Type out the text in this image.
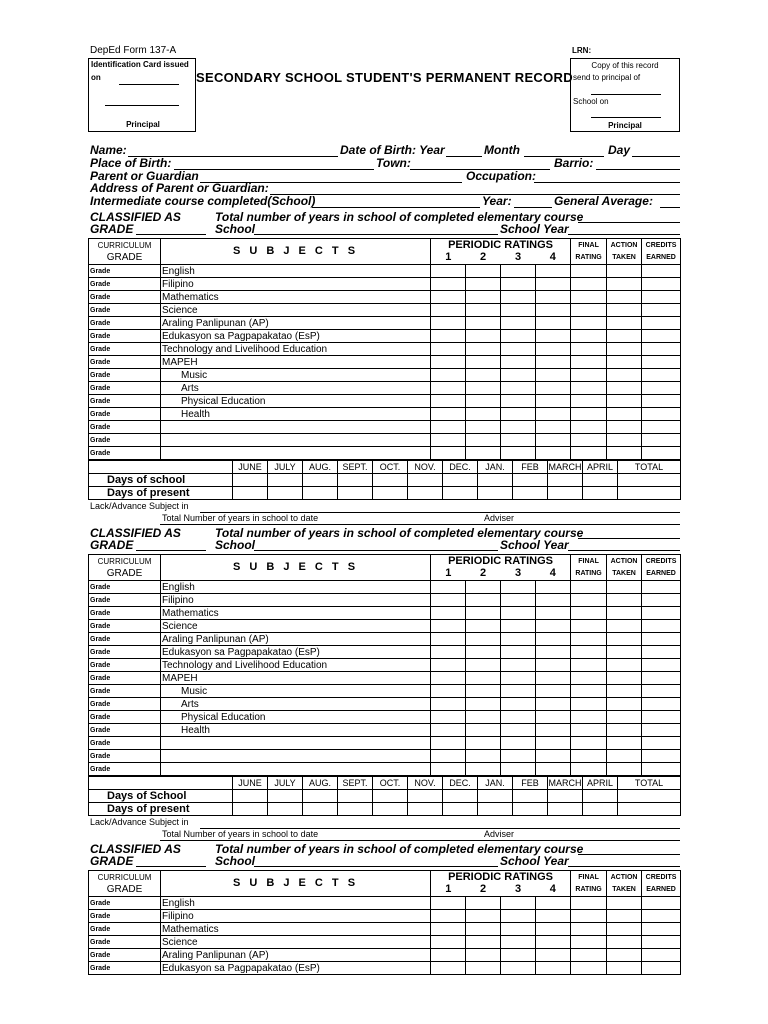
DepEd Form 137-A	LRN:
Identification Card issued
on
Principal
SECONDARY SCHOOL STUDENT'S PERMANENT RECORD
Copy of this record
send to principal of
School on
Principal
Name:	Date of Birth: Year	Month	Day
Place of Birth:	Town:	Barrio:
Parent or Guardian	Occupation:
Address of Parent or Guardian:
Intermediate course completed(School)	Year:	General Average:
CLASSIFIED AS
GRADE
Total number of years in school of completed elementary course
School	School Year
CURRICULUM	S U B J E C T S	PERIODIC RATINGS				FINAL	ACTION	CREDITS
GRADE		1	2	3	4	RATING	TAKEN	EARNED
Grade	English							
Grade	Filipino							
Grade	Mathematics							
Grade	Science							
Grade	Araling Panlipunan (AP)							
Grade	Edukasyon sa Pagpapakatao (EsP)							
Grade	Technology and Livelihood Education							
Grade	MAPEH							
Grade	Music							
Grade	Arts							
Grade	Physical Education							
Grade	Health							
Grade								
Grade								
Grade								
	JUNE	JULY	AUG.	SEPT.	OCT.	NOV.	DEC.	JAN.	FEB	MARCH	APRIL	TOTAL
Days of school												
Days of present												
Lack/Advance Subject in
Total Number of years in school to date	Adviser
CLASSIFIED AS
GRADE
Total number of years in school of completed elementary course
School	School Year
CURRICULUM	S U B J E C T S	PERIODIC RATINGS				FINAL	ACTION	CREDITS
GRADE		1	2	3	4	RATING	TAKEN	EARNED
Grade	English							
Grade	Filipino							
Grade	Mathematics							
Grade	Science							
Grade	Araling Panlipunan (AP)							
Grade	Edukasyon sa Pagpapakatao (EsP)							
Grade	Technology and Livelihood Education							
Grade	MAPEH							
Grade	Music							
Grade	Arts							
Grade	Physical Education							
Grade	Health							
Grade								
Grade								
Grade								
	JUNE	JULY	AUG.	SEPT.	OCT.	NOV.	DEC.	JAN.	FEB	MARCH	APRIL	TOTAL
Days of School												
Days of present												
Lack/Advance Subject in
Total Number of years in school to date	Adviser
CLASSIFIED AS
GRADE
Total number of years in school of completed elementary course
School	School Year
CURRICULUM	S U B J E C T S	PERIODIC RATINGS				FINAL	ACTION	CREDITS
GRADE		1	2	3	4	RATING	TAKEN	EARNED
Grade	English							
Grade	Filipino							
Grade	Mathematics							
Grade	Science							
Grade	Araling Panlipunan (AP)							
Grade	Edukasyon sa Pagpapakatao (EsP)							
